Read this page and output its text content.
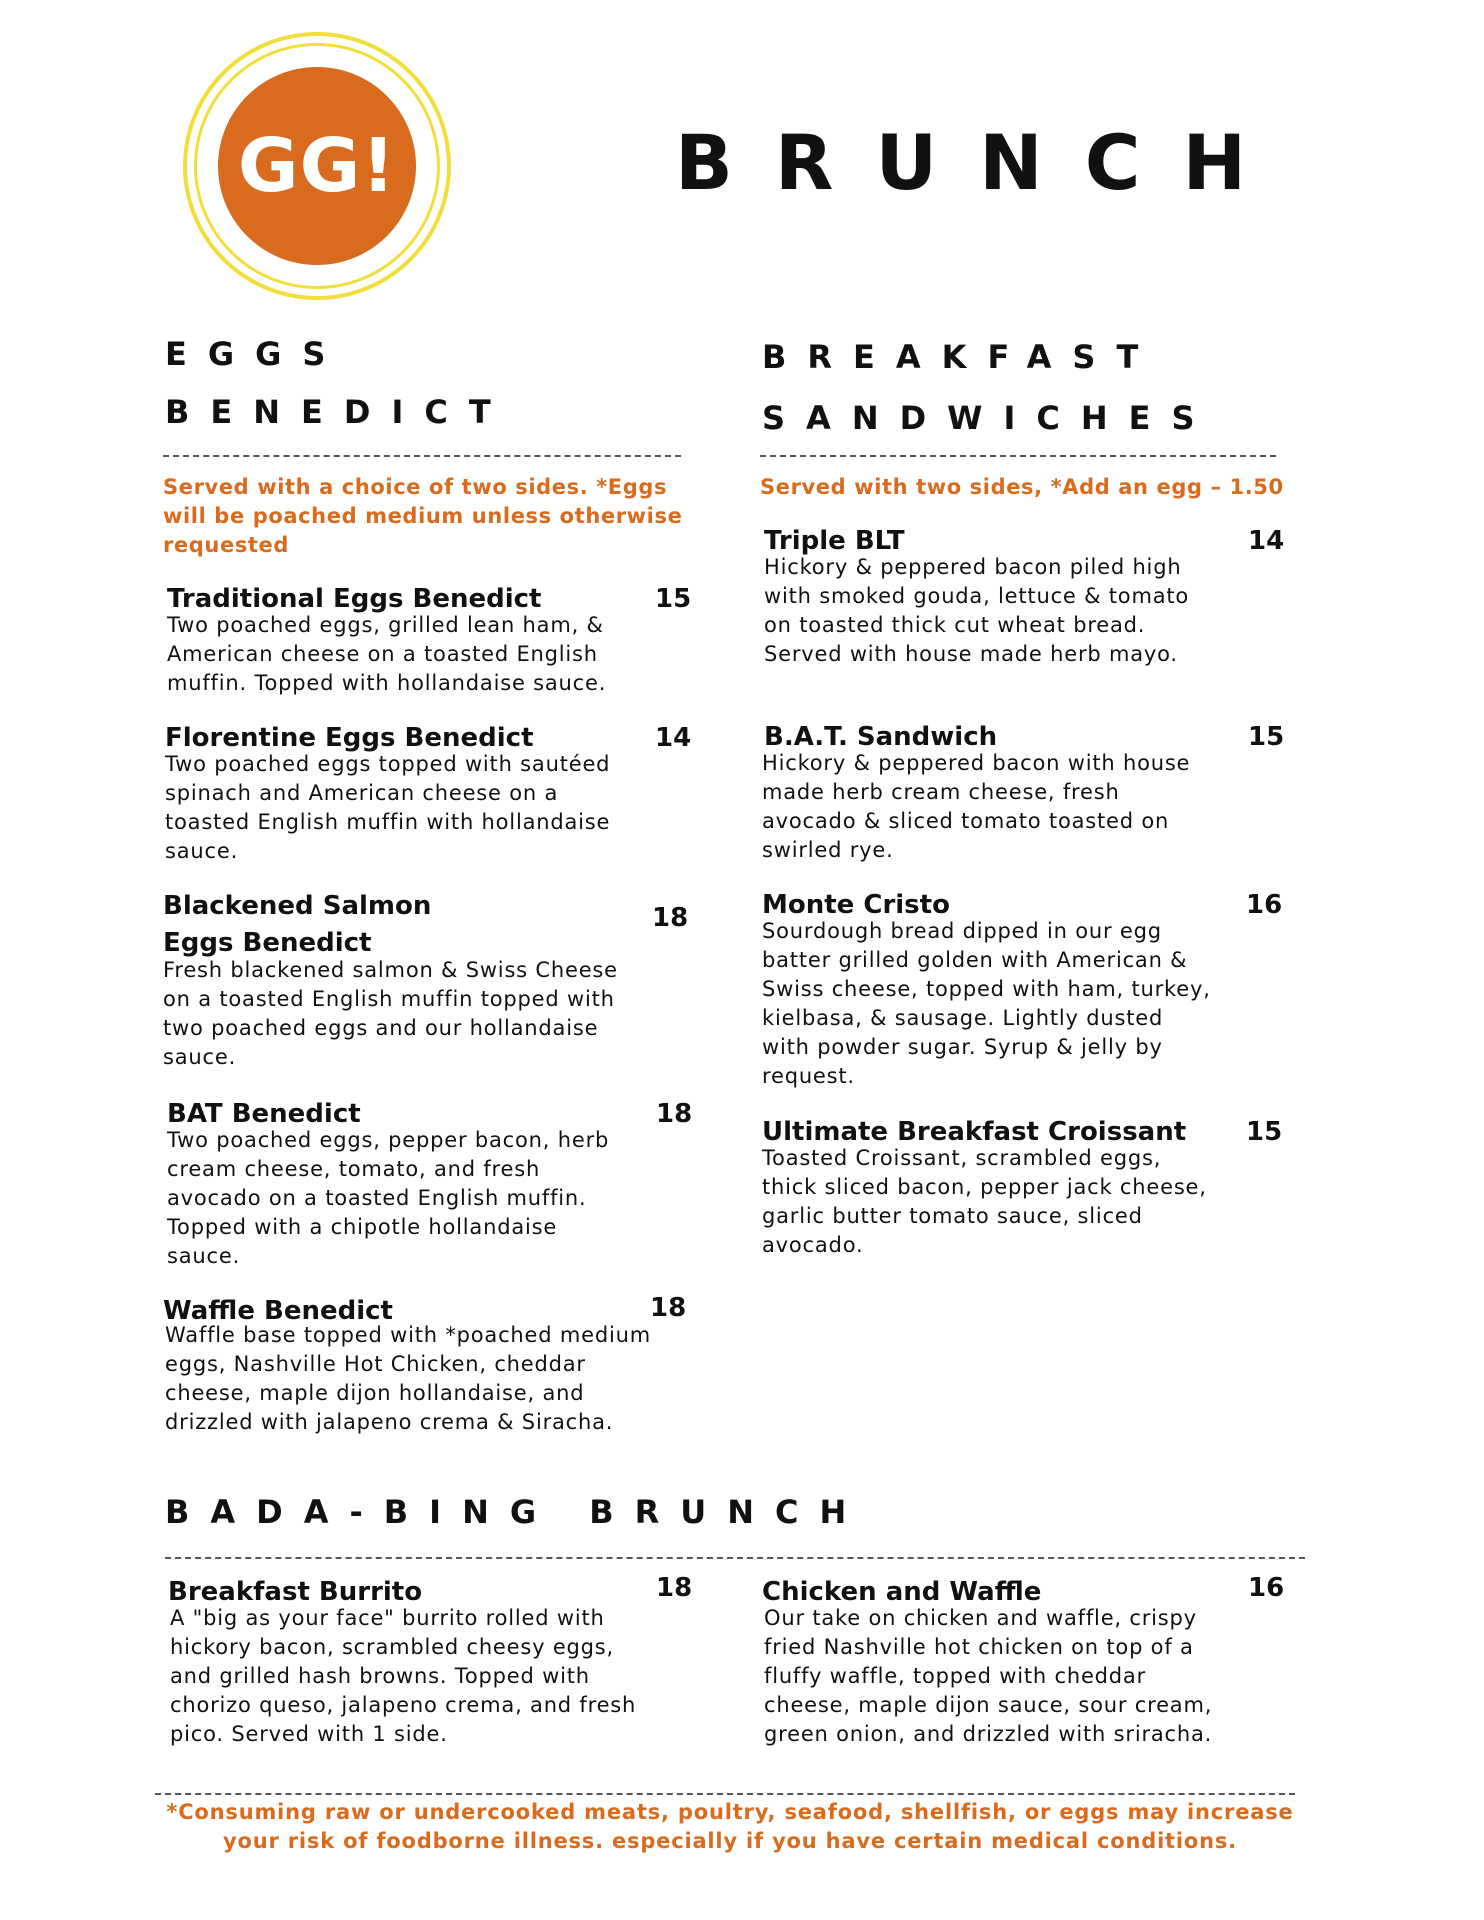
GG!	BRUNCH
EGGS
BENEDICT
Served with a choice of two sides. *Eggs will be poached medium unless otherwise requested
Traditional Eggs Benedict	15
Two poached eggs, grilled lean ham, & American cheese on a toasted English muffin. Topped with hollandaise sauce.
Florentine Eggs Benedict	14
Two poached eggs topped with sautéed spinach and American cheese on a toasted English muffin with hollandaise sauce.
Blackened Salmon
Eggs Benedict
18
Fresh blackened salmon & Swiss Cheese on a toasted English muffin topped with two poached eggs and our hollandaise sauce.
BAT Benedict	18
Two poached eggs, pepper bacon, herb cream cheese, tomato, and fresh avocado on a toasted English muffin. Topped with a chipotle hollandaise sauce.
Waffle Benedict	18
Waffle base topped with *poached medium eggs, Nashville Hot Chicken, cheddar cheese, maple dijon hollandaise, and drizzled with jalapeno crema & Siracha.
BREAKFAST
SANDWICHES
Served with two sides, *Add an egg – 1.50
Triple BLT	14
Hickory & peppered bacon piled high with smoked gouda, lettuce & tomato on toasted thick cut wheat bread. Served with house made herb mayo.
B.A.T. Sandwich	15
Hickory & peppered bacon with house made herb cream cheese, fresh avocado & sliced tomato toasted on swirled rye.
Monte Cristo	16
Sourdough bread dipped in our egg batter grilled golden with American & Swiss cheese, topped with ham, turkey, kielbasa, & sausage. Lightly dusted with powder sugar. Syrup & jelly by request.
Ultimate Breakfast Croissant 15
Toasted Croissant, scrambled eggs, thick sliced bacon, pepper jack cheese, garlic butter tomato sauce, sliced avocado.
BADA-BING BRUNCH
Breakfast Burrito	18
A "big as your face" burrito rolled with hickory bacon, scrambled cheesy eggs, and grilled hash browns. Topped with chorizo queso, jalapeno crema, and fresh pico. Served with 1 side.
Chicken and Waffle	16
Our take on chicken and waffle, crispy fried Nashville hot chicken on top of a fluffy waffle, topped with cheddar cheese, maple dijon sauce, sour cream, green onion, and drizzled with sriracha.
*Consuming raw or undercooked meats, poultry, seafood, shellfish, or eggs may increase your risk of foodborne illness. especially if you have certain medical conditions.
